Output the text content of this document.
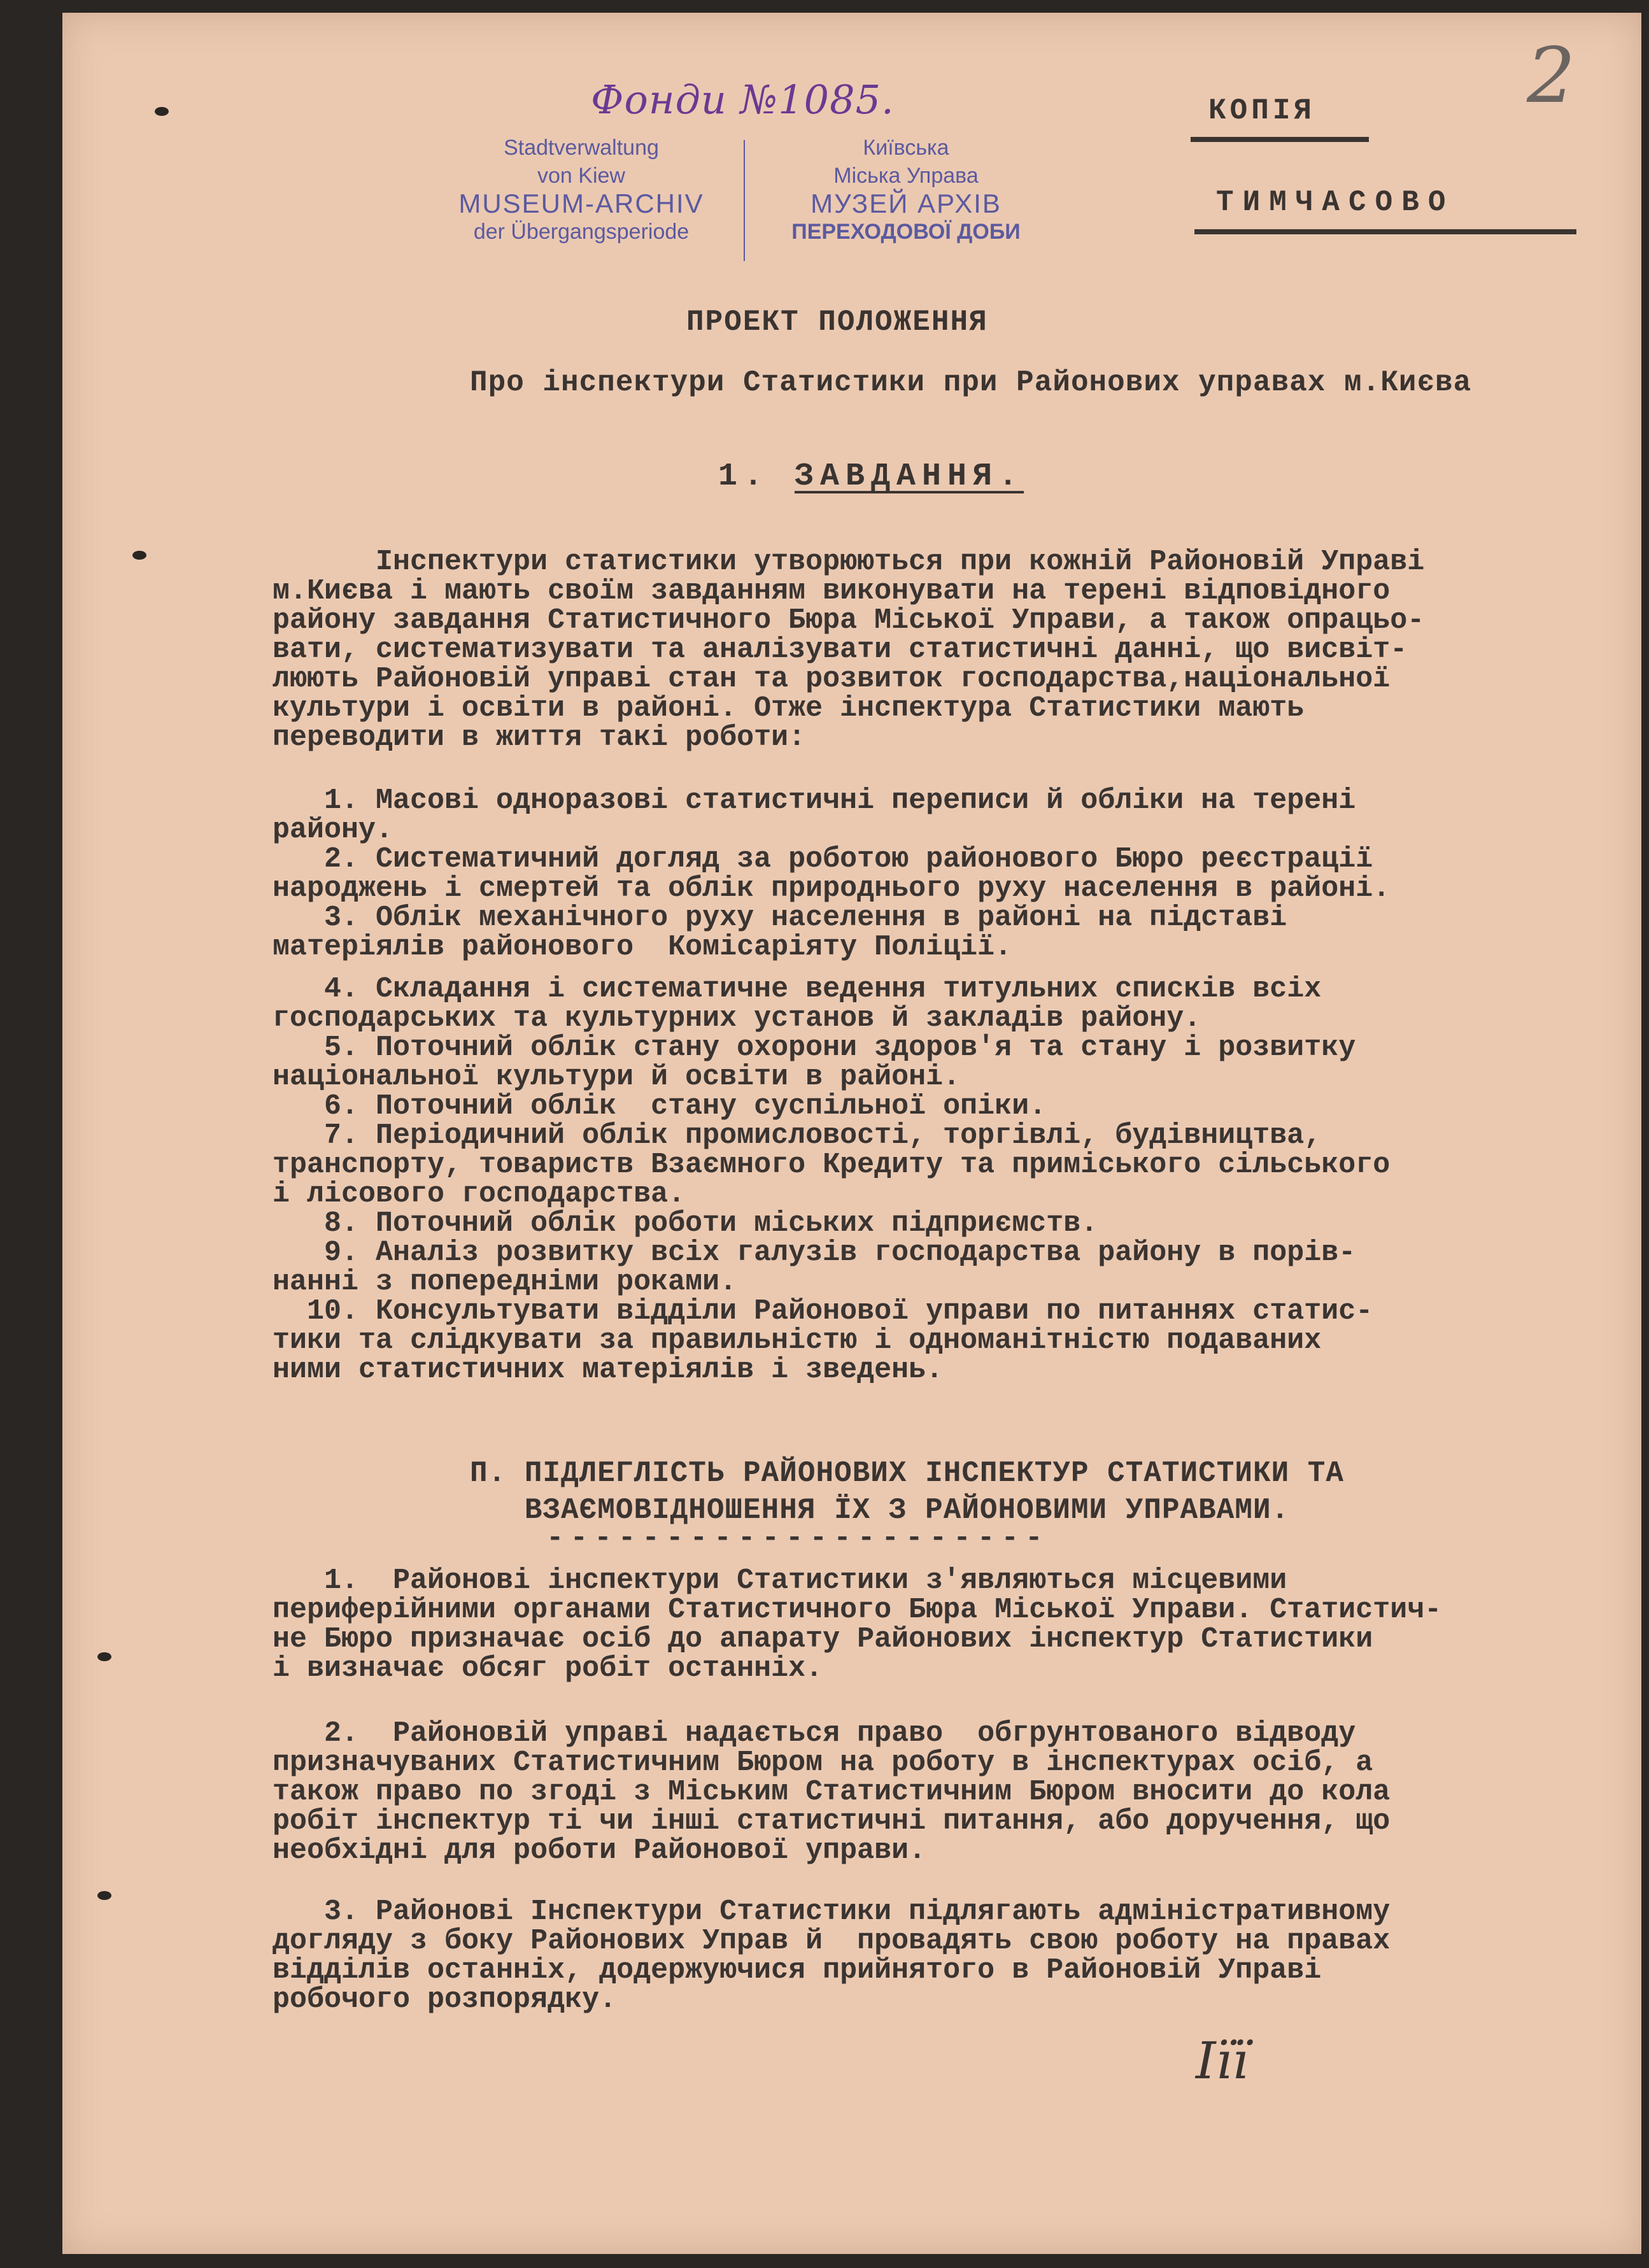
Фонди №1085.
Stadtverwaltung
von Kiew
MUSEUM-ARCHIV
der Übergangsperiode
Київська
Міська Управа
МУЗЕЙ АРХІВ
ПЕРЕХОДОВОЇ ДОБИ
КОПІЯ
ТИМЧАСОВО
2
ПРОЕКТ ПОЛОЖЕННЯ
Про інспектури Статистики при Районових управах м.Києва
1. ЗАВДАННЯ.
Інспектури статистики утворюються при кожній Районовій Управі
м.Києва і мають своїм завданням виконувати на терені відповідного
району завдання Статистичного Бюра Міської Управи, а також опрацьо-
вати, систематизувати та аналізувати статистичні данні, що висвіт-
люють Районовій управі стан та розвиток господарства,національної
культури і освіти в районі. Отже інспектура Статистики мають
переводити в життя такі роботи:
1. Масові одноразові статистичні переписи й обліки на терені
району.
2. Систематичний догляд за роботою районового Бюро реєстрації
народжень і смертей та облік природнього руху населення в районі.
3. Облік механічного руху населення в районі на підставі
матеріялів районового  Комісаріяту Поліції.
4. Складання і систематичне ведення титульних списків всіх
господарських та культурних установ й закладів району.
5. Поточний облік стану охорони здоров'я та стану і розвитку
національної культури й освіти в районі.
6. Поточний облік  стану суспільної опіки.
7. Періодичний облік промисловості, торгівлі, будівництва,
транспорту, товариств Взаємного Кредиту та приміського сільського
і лісового господарства.
8. Поточний облік роботи міських підприємств.
9. Аналіз розвитку всіх галузів господарства району в порів-
нанні з попередніми роками.
10. Консультувати відділи Районової управи по питаннях статис-
тики та слідкувати за правильністю і одноманітністю подаваних
ними статистичних матеріялів і зведень.
П. ПІДЛЕГЛІСТЬ РАЙОНОВИХ ІНСПЕКТУР СТАТИСТИКИ ТА
ВЗАЄМОВІДНОШЕННЯ ЇХ З РАЙОНОВИМИ УПРАВАМИ.
---------------------
1.  Районові інспектури Статистики з'являються місцевими
периферійними органами Статистичного Бюра Міської Управи. Статистич-
не Бюро призначає осіб до апарату Районових інспектур Статистики
і визначає обсяг робіт останніх.
2.  Районовій управі надається право  обгрунтованого відводу
призначуваних Статистичним Бюром на роботу в інспектурах осіб, а
також право по згоді з Міським Статистичним Бюром вносити до кола
робіт інспектур ті чи інші статистичні питання, або доручення, що
необхідні для роботи Районової управи.
3. Районові Інспектури Статистики підлягають адміністративному
догляду з боку Районових Управ й  провадять свою роботу на правах
відділів останніх, додержуючися прийнятого в Районовій Управі
робочого розпорядку.
Іїї
